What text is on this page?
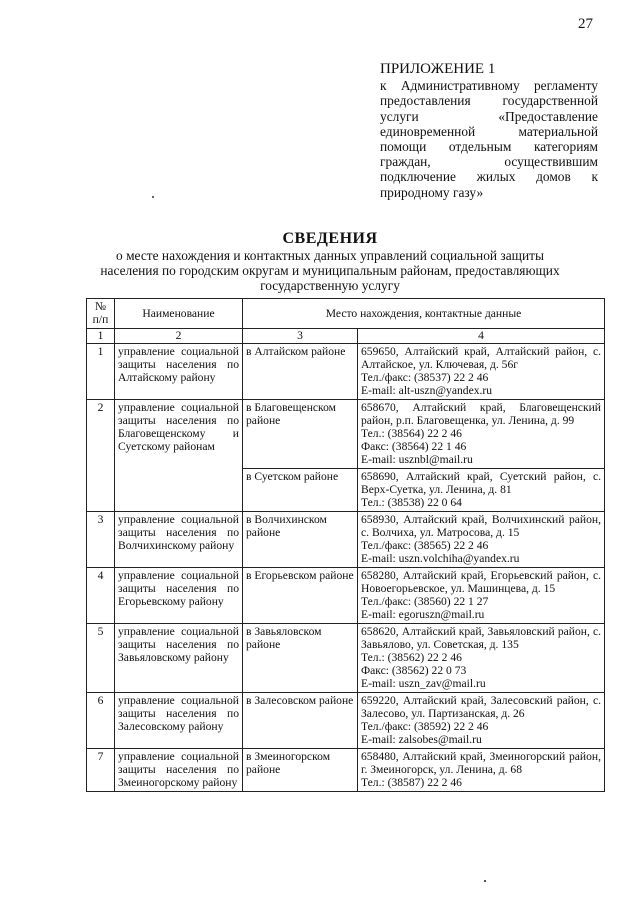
27
ПРИЛОЖЕНИЕ 1
к Административному регламенту предоставления государственной услуги «Предоставление единовременной материальной помощи отдельным категориям граждан, осуществившим подключение жилых домов к природному газу»
СВЕДЕНИЯ
о месте нахождения и контактных данных управлений социальной защиты населения по городским округам и муниципальным районам, предоставляющих государственную услугу
№ п/п	Наименование	Место нахождения, контактные данные	
1	2	3	4
1	управление социальной защиты населения по Алтайскому району	в Алтайском районе	659650, Алтайский край, Алтайский район, с. Алтайское, ул. Ключевая, д. 56г
Тел./факс: (38537) 22 2 46
E-mail: alt-uszn@yandex.ru
2	управление социальной защиты населения по Благовещенскому и Суетскому районам	в Благовещенском районе	658670, Алтайский край, Благовещенский район, р.п. Благовещенка, ул. Ленина, д. 99
Тел.: (38564) 22 2 46
Факс: (38564) 22 1 46
E-mail: usznbl@mail.ru
		в Суетском районе	658690, Алтайский край, Суетский район, с. Верх-Суетка, ул. Ленина, д. 81
Тел.: (38538) 22 0 64
3	управление социальной защиты населения по Волчихинскому району	в Волчихинском районе	658930, Алтайский край, Волчихинский район, с. Волчиха, ул. Матросова, д. 15
Тел./факс: (38565) 22 2 46
E-mail: uszn.volchiha@yandex.ru
4	управление социальной защиты населения по Егорьевскому району	в Егорьевском районе	658280, Алтайский край, Егорьевский район, с. Новоегорьевское, ул. Машинцева, д. 15
Тел./факс: (38560) 22 1 27
E-mail: egoruszn@mail.ru
5	управление социальной защиты населения по Завьяловскому району	в Завьяловском районе	658620, Алтайский край, Завьяловский район, с. Завьялово, ул. Советская, д. 135
Тел.: (38562) 22 2 46
Факс: (38562) 22 0 73
E-mail: uszn_zav@mail.ru
6	управление социальной защиты населения по Залесовскому району	в Залесовском районе	659220, Алтайский край, Залесовский район, с. Залесово, ул. Партизанская, д. 26
Тел./факс: (38592) 22 2 46
E-mail: zalsobes@mail.ru
7	управление социальной защиты населения по Змеиногорскому району	в Змеиногорском районе	658480, Алтайский край, Змеиногорский район, г. Змеиногорск, ул. Ленина, д. 68
Тел.: (38587) 22 2 46
